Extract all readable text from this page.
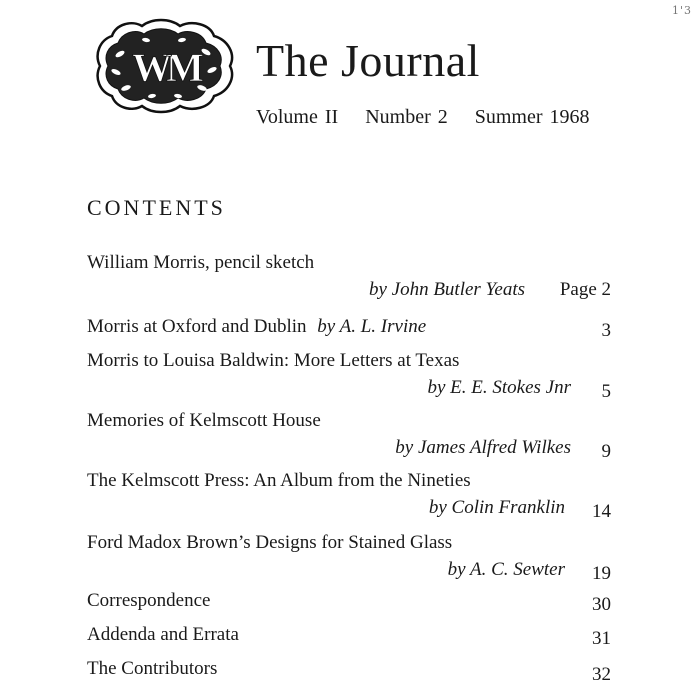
1'3
WM The Journal
Volume II Number 2 Summer 1968
CONTENTS
William Morris, pencil sketch
by John Butler Yeats Page 2
Morris at Oxford and Dublin by A. L. Irvine	3
Morris to Louisa Baldwin: More Letters at Texas
by E. E. Stokes Jnr 5
Memories of Kelmscott House
by James Alfred Wilkes 9
The Kelmscott Press: An Album from the Nineties
by Colin Franklin 14
Ford Madox Brown’s Designs for Stained Glass
by A. C. Sewter 19
Correspondence	30
Addenda and Errata	31
The Contributors	32
